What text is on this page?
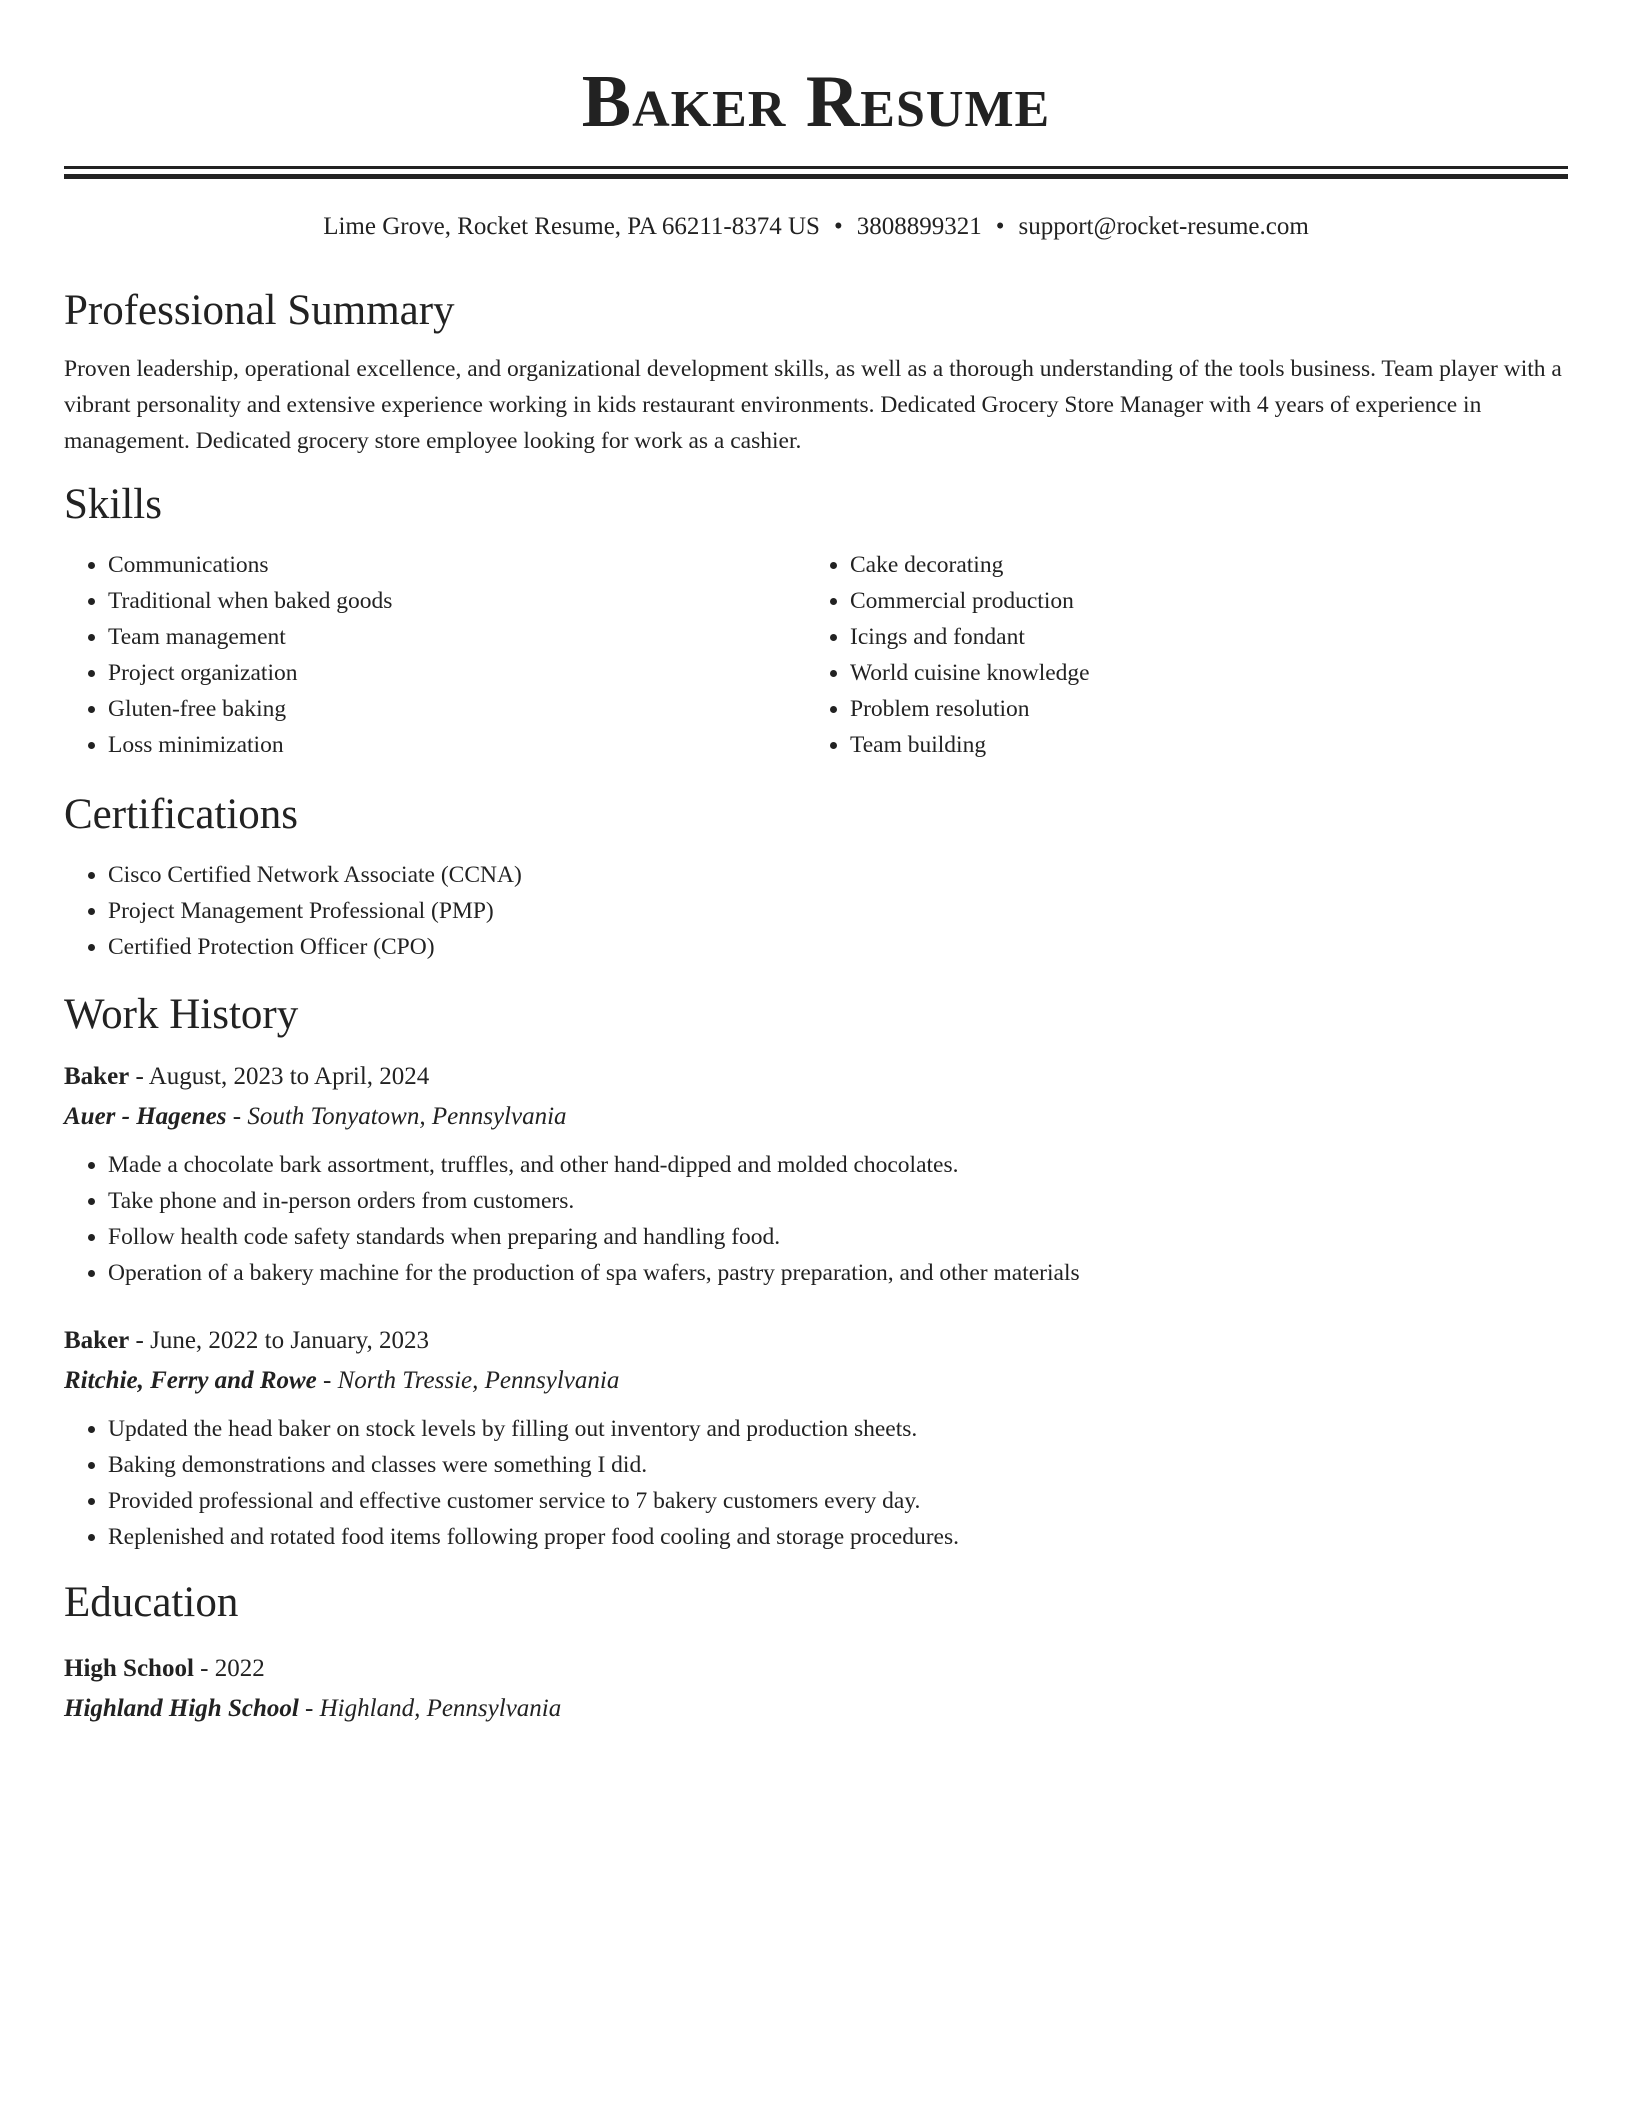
Baker Resume
Lime Grove, Rocket Resume, PA 66211-8374 US • 3808899321 • support@rocket-resume.com
Professional Summary

Proven leadership, operational excellence, and organizational development skills, as well as a thorough understanding of the tools business. Team player with a vibrant personality and extensive experience working in kids restaurant environments. Dedicated Grocery Store Manager with 4 years of experience in management. Dedicated grocery store employee looking for work as a cashier.

Skills
• Communications
• Traditional when baked goods
• Team management
• Project organization
• Gluten-free baking
• Loss minimization
• Cake decorating
• Commercial production
• Icings and fondant
• World cuisine knowledge
• Problem resolution
• Team building
Certifications
• Cisco Certified Network Associate (CCNA)
• Project Management Professional (PMP)
• Certified Protection Officer (CPO)
Work History
Baker - August, 2023 to April, 2024
Auer - Hagenes - South Tonyatown, Pennsylvania
• Made a chocolate bark assortment, truffles, and other hand-dipped and molded chocolates.
• Take phone and in-person orders from customers.
• Follow health code safety standards when preparing and handling food.
• Operation of a bakery machine for the production of spa wafers, pastry preparation, and other materials
Baker - June, 2022 to January, 2023
Ritchie, Ferry and Rowe - North Tressie, Pennsylvania
• Updated the head baker on stock levels by filling out inventory and production sheets.
• Baking demonstrations and classes were something I did.
• Provided professional and effective customer service to 7 bakery customers every day.
• Replenished and rotated food items following proper food cooling and storage procedures.
Education
High School - 2022
Highland High School - Highland, Pennsylvania
